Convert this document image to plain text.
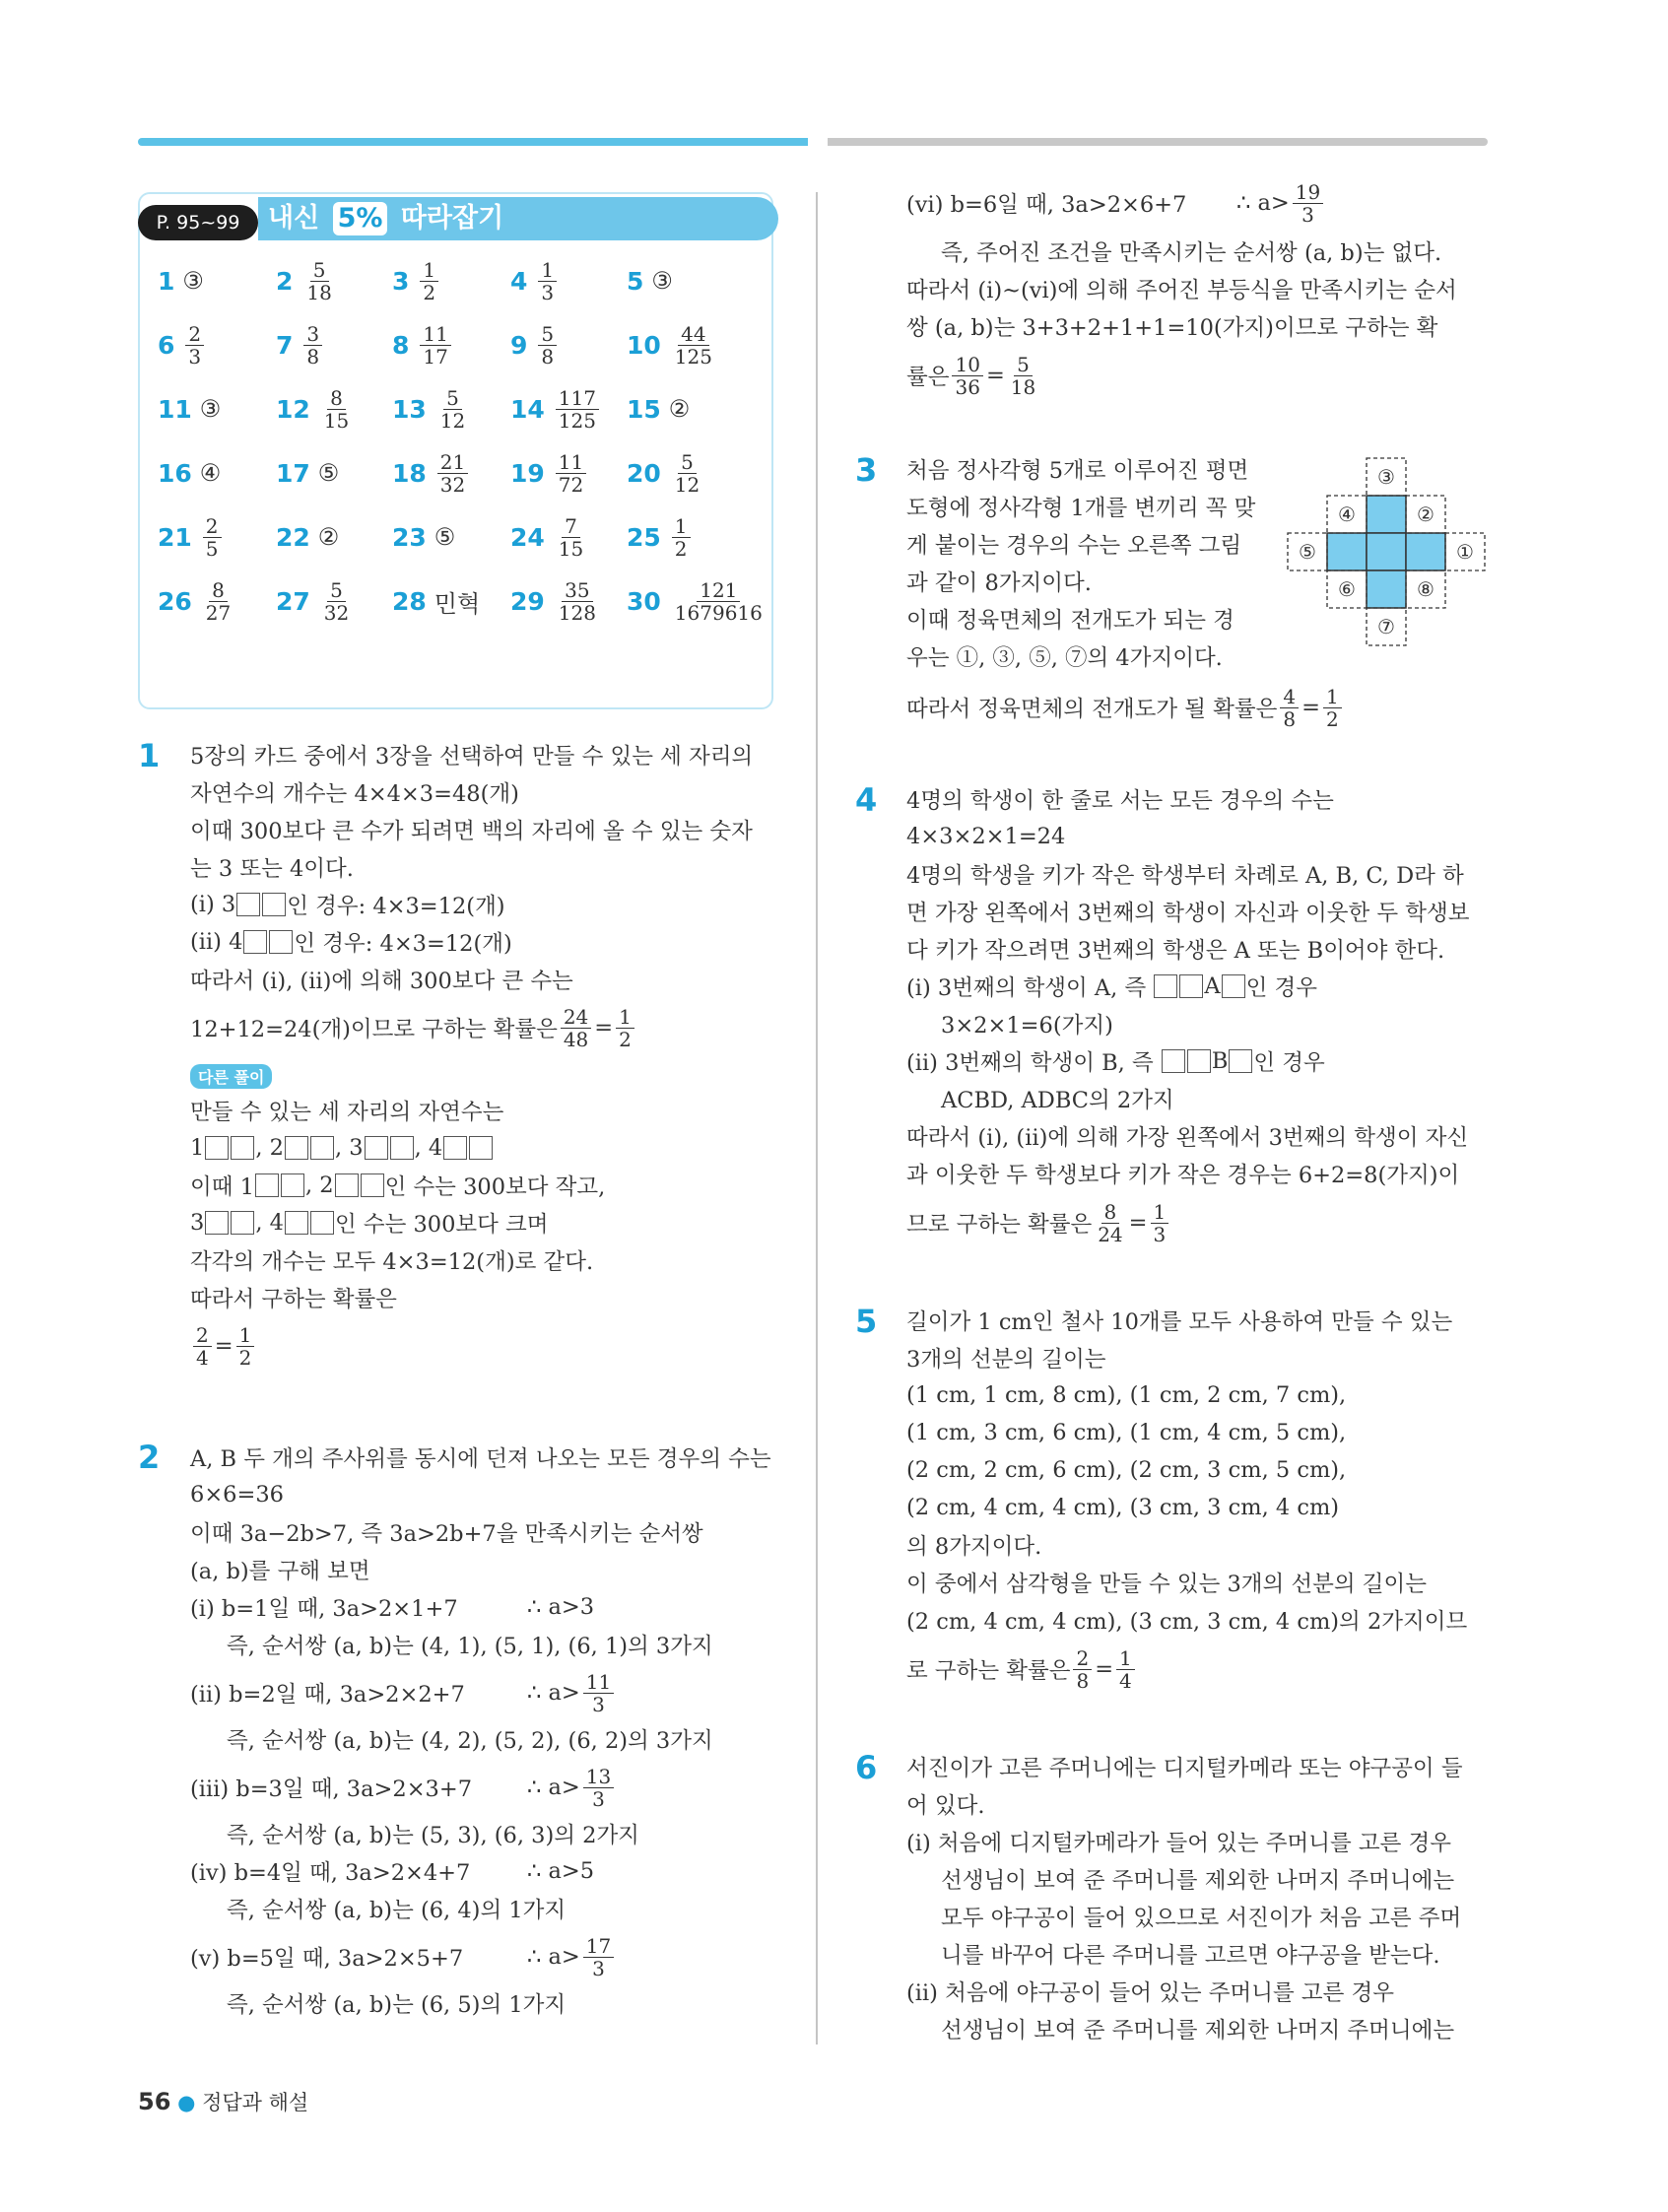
P. 95~99	내신 5% 따라잡기
1 ③	$2 \frac{5}{18} 3 \frac{1}{2}$	$4 \frac{1}{3}$	5 ③
$6 \frac{2}{3}$	$7 \frac{3}{8}$	$8 \frac{11}{17} 9 \frac{5}{8}$	$10 \frac{44}{125}$
11 ③ $12 \frac{8}{15} 13 \frac{5}{12} 14 \frac{117}{125} 15$ ②
16 ④ 17 ⑤ $18 \frac{21}{32} 19 \frac{11}{72} 20 \frac{5}{12}$
$21 \frac{2}{5} 22$ ② 23 ⑤ $24 \frac{7}{15} 25 \frac{1}{2}$
$26 \frac{8}{27} 27 \frac{5}{32} 28$ 민혁 $29 \frac{35}{128} 30 \frac{121}{1679616}$
1 5장의 카드 중에서 3장을 선택하여 만들 수 있는 세 자리의
자연수의 개수는 4×4×3=48(개)
이때 300보다 큰 수가 되려면 백의 자리에 올 수 있는 숫자
는 3 또는 4이다.
(ⅰ) 3 인 경우: 4×3=12(개)
(ⅱ) 4 인 경우: 4×3=12(개)
따라서 (ⅰ), (ⅱ)에 의해 300보다 큰 수는
12+12=24(개)이므로 구하는 확률은 $\frac{24}{48} = \frac{1}{2}$
다른 풀이
만들 수 있는 세 자리의 자연수는
1 , 2 , 3 , 4
이때 1 , 2 인 수는 300보다 작고,
3 , 4 인 수는 300보다 크며
각각의 개수는 모두 4×3=12(개)로 같다.
따라서 구하는 확률은
$\frac{2}{4} = \frac{1}{2}$
2 A, B 두 개의 주사위를 동시에 던져 나오는 모든 경우의 수는
6×6=36
이때 3a−2b>7, 즉 3a>2b+7을 만족시키는 순서쌍
(a, b)를 구해 보면
(ⅰ) b=1일 때, 3a>2×1+7	∴ a>3
즉, 순서쌍 (a, b)는 (4, 1), (5, 1), (6, 1)의 3가지
(ⅱ) b=2일 때, 3a>2×2+7	∴ $a> \frac{11}{3}$
즉, 순서쌍 (a, b)는 (4, 2), (5, 2), (6, 2)의 3가지
(ⅲ) b=3일 때, 3a>2×3+7 ∴ $a> \frac{13}{3}$
즉, 순서쌍 (a, b)는 (5, 3), (6, 3)의 2가지
(ⅳ) b=4일 때, 3a>2×4+7	∴ a>5
즉, 순서쌍 (a, b)는 (6, 4)의 1가지
(ⅴ) b=5일 때, 3a>2×5+7	∴ $a> \frac{17}{3}$
즉, 순서쌍 (a, b)는 (6, 5)의 1가지
(ⅵ) b=6일 때, 3a>2×6+7 ∴ $a> \frac{19}{3}$
즉, 주어진 조건을 만족시키는 순서쌍 (a, b)는 없다.
따라서 (ⅰ)~(ⅵ)에 의해 주어진 부등식을 만족시키는 순서
쌍 (a, b)는 3+3+2+1+1=10(가지)이므로 구하는 확
률은 $\frac{10}{36} = \frac{5}{18}$
3 처음 정사각형 5개로 이루어진 평면
도형에 정사각형 1개를 변끼리 꼭 맞
게 붙이는 경우의 수는 오른쪽 그림
과 같이 8가지이다.
이때 정육면체의 전개도가 되는 경
우는 ①, ③, ⑤, ⑦의 4가지이다.
따라서 정육면체의 전개도가 될 확률은 $\frac{4}{8} = \frac{1}{2}$
③
④	②
⑤	①
⑥	⑧
⑦
4 4명의 학생이 한 줄로 서는 모든 경우의 수는
4×3×2×1=24
4명의 학생을 키가 작은 학생부터 차례로 A, B, C, D라 하
면 가장 왼쪽에서 3번째의 학생이 자신과 이웃한 두 학생보
다 키가 작으려면 3번째의 학생은 A 또는 B이어야 한다.
(ⅰ) 3번째의 학생이 A, 즉
	A 인 경우
3×2×1=6(가지)
(ⅱ) 3번째의 학생이 B, 즉
	B 인 경우
ACBD, ADBC의 2가지
따라서 (ⅰ), (ⅱ)에 의해 가장 왼쪽에서 3번째의 학생이 자신
과 이웃한 두 학생보다 키가 작은 경우는 6+2=8(가지)이
므로 구하는 확률은 $\frac{8}{24} = \frac{1}{3}$
5 길이가 1 cm인 철사 10개를 모두 사용하여 만들 수 있는
3개의 선분의 길이는
(1 cm, 1 cm, 8 cm), (1 cm, 2 cm, 7 cm),
(1 cm, 3 cm, 6 cm), (1 cm, 4 cm, 5 cm),
(2 cm, 2 cm, 6 cm), (2 cm, 3 cm, 5 cm),
(2 cm, 4 cm, 4 cm), (3 cm, 3 cm, 4 cm)
의 8가지이다.
이 중에서 삼각형을 만들 수 있는 3개의 선분의 길이는
(2 cm, 4 cm, 4 cm), (3 cm, 3 cm, 4 cm)의 2가지이므
로 구하는 확률은 $\frac{2}{8} = \frac{1}{4}$
6 서진이가 고른 주머니에는 디지털카메라 또는 야구공이 들
어 있다.
(ⅰ) 처음에 디지털카메라가 들어 있는 주머니를 고른 경우
선생님이 보여 준 주머니를 제외한 나머지 주머니에는
모두 야구공이 들어 있으므로 서진이가 처음 고른 주머
니를 바꾸어 다른 주머니를 고르면 야구공을 받는다.
(ⅱ) 처음에 야구공이 들어 있는 주머니를 고른 경우
선생님이 보여 준 주머니를 제외한 나머지 주머니에는
56 ● 정답과 해설
